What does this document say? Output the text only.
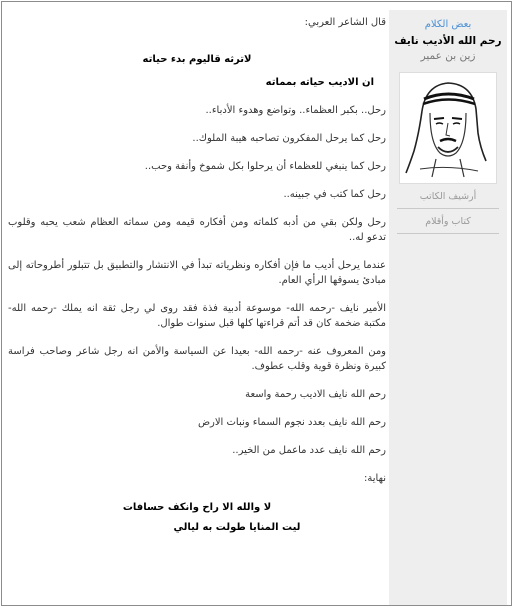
قال الشاعر العربي:

لاترثه قاليوم بدء حياته

ان الاديب حياته بمماته

رحل.. بكبر العظماء.. وتواضع وهدوء الأدباء..

رحل كما يرحل المفكرون تصاحبه هيبة الملوك..

رحل كما ينبغي للعظماء أن يرحلوا بكل شموخ وأنفة وحب..

رحل كما كتب في جبينه..

رحل ولكن بقي من أدبه كلماته ومن أفكاره قيمه ومن سماته العظام شعب يحبه وقلوب تدعو له..

عندما يرحل أديب ما فإن أفكاره ونظرياته تبدأ في الانتشار والتطبيق بل تتبلور أطروحاته إلى مبادئ يسوقها الرأي العام.

الأمير نايف -رحمه الله- موسوعة أدبية فذة فقد روى لي رجل ثقة انه يملك -رحمه الله- مكتبة ضخمة كان قد أتم قراءتها كلها قبل سنوات طوال.

ومن المعروف عنه -رحمه الله- بعيدا عن السياسة والأمن انه رجل شاعر وصاحب فراسة كبيرة ونظرة قوية وقلب عطوف.

رحم الله نايف الاديب رحمة واسعة

رحم الله نايف بعدد نجوم السماء ونبات الارض

رحم الله نايف عدد ماعمل من الخير..

نهاية:

لا والله الا راح وانكف حسافات

ليت المنايا طولت به ليالي

بعض الكلام
رحم الله الأديب نايف
زين بن عمير
أرشيف الكاتب
كتاب وأقلام
